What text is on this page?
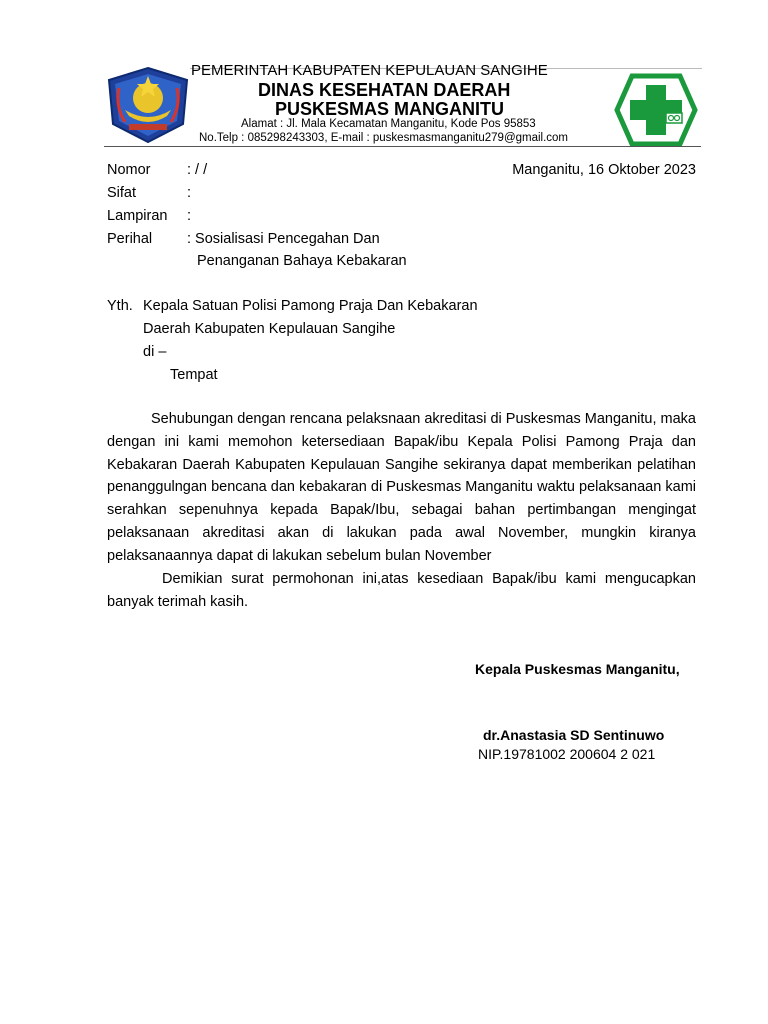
PEMERINTAH KABUPATEN KEPULAUAN SANGIHE
DINAS KESEHATAN DAERAH
PUSKESMAS MANGANITU
Alamat : Jl. Mala Kecamatan Manganitu, Kode Pos 95853
No.Telp : 085298243303, E-mail : puskesmasmanganitu279@gmail.com
Nomor	: / /	Manganitu, 16 Oktober 2023
Sifat	:
Lampiran :
Perihal : Sosialisasi Pencegahan Dan
Penanganan Bahaya Kebakaran
Yth. Kepala Satuan Polisi Pamong Praja Dan Kebakaran
Daerah Kabupaten Kepulauan Sangihe
di –
Tempat

Sehubungan dengan rencana pelaksnaan akreditasi di Puskesmas Manganitu, maka dengan ini kami memohon ketersediaan Bapak/ibu Kepala Polisi Pamong Praja dan Kebakaran Daerah Kabupaten Kepulauan Sangihe sekiranya dapat memberikan pelatihan penanggulngan bencana dan kebakaran di Puskesmas Manganitu waktu pelaksanaan kami serahkan sepenuhnya kepada Bapak/Ibu, sebagai bahan pertimbangan mengingat pelaksanaan akreditasi akan di lakukan pada awal November, mungkin kiranya pelaksanaannya dapat di lakukan sebelum bulan November

Demikian surat permohonan ini,atas kesediaan Bapak/ibu kami mengucapkan banyak terimah kasih.

Kepala Puskesmas Manganitu,
dr.Anastasia SD Sentinuwo
NIP.19781002 200604 2 021
